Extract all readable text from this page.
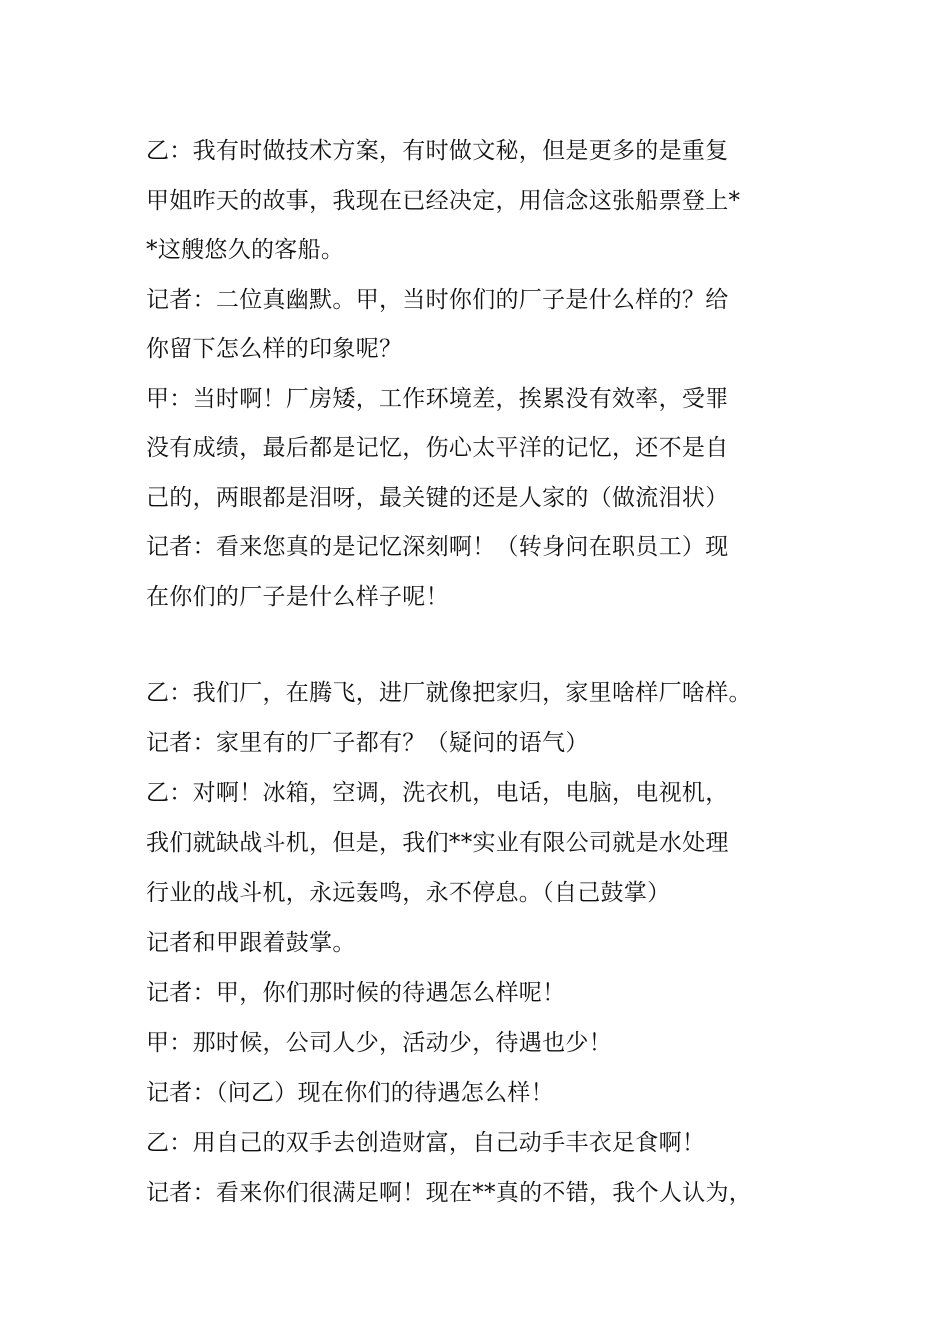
乙：我有时做技术方案，有时做文秘，但是更多的是重复
甲姐昨天的故事，我现在已经决定，用信念这张船票登上*
*这艘悠久的客船。
记者：二位真幽默。甲，当时你们的厂子是什么样的？给
你留下怎么样的印象呢？
甲：当时啊！厂房矮，工作环境差，挨累没有效率，受罪
没有成绩，最后都是记忆，伤心太平洋的记忆，还不是自
己的，两眼都是泪呀，最关键的还是人家的（做流泪状）
记者：看来您真的是记忆深刻啊！（转身问在职员工）现
在你们的厂子是什么样子呢！
乙：我们厂，在腾飞，进厂就像把家归，家里啥样厂啥样。
记者：家里有的厂子都有？（疑问的语气）
乙：对啊！冰箱，空调，洗衣机，电话，电脑，电视机，
我们就缺战斗机，但是，我们**实业有限公司就是水处理
行业的战斗机，永远轰鸣，永不停息。（自己鼓掌）
记者和甲跟着鼓掌。
记者：甲，你们那时候的待遇怎么样呢！
甲：那时候，公司人少，活动少，待遇也少！
记者：（问乙）现在你们的待遇怎么样！
乙：用自己的双手去创造财富，自己动手丰衣足食啊！
记者：看来你们很满足啊！现在**真的不错，我个人认为，
